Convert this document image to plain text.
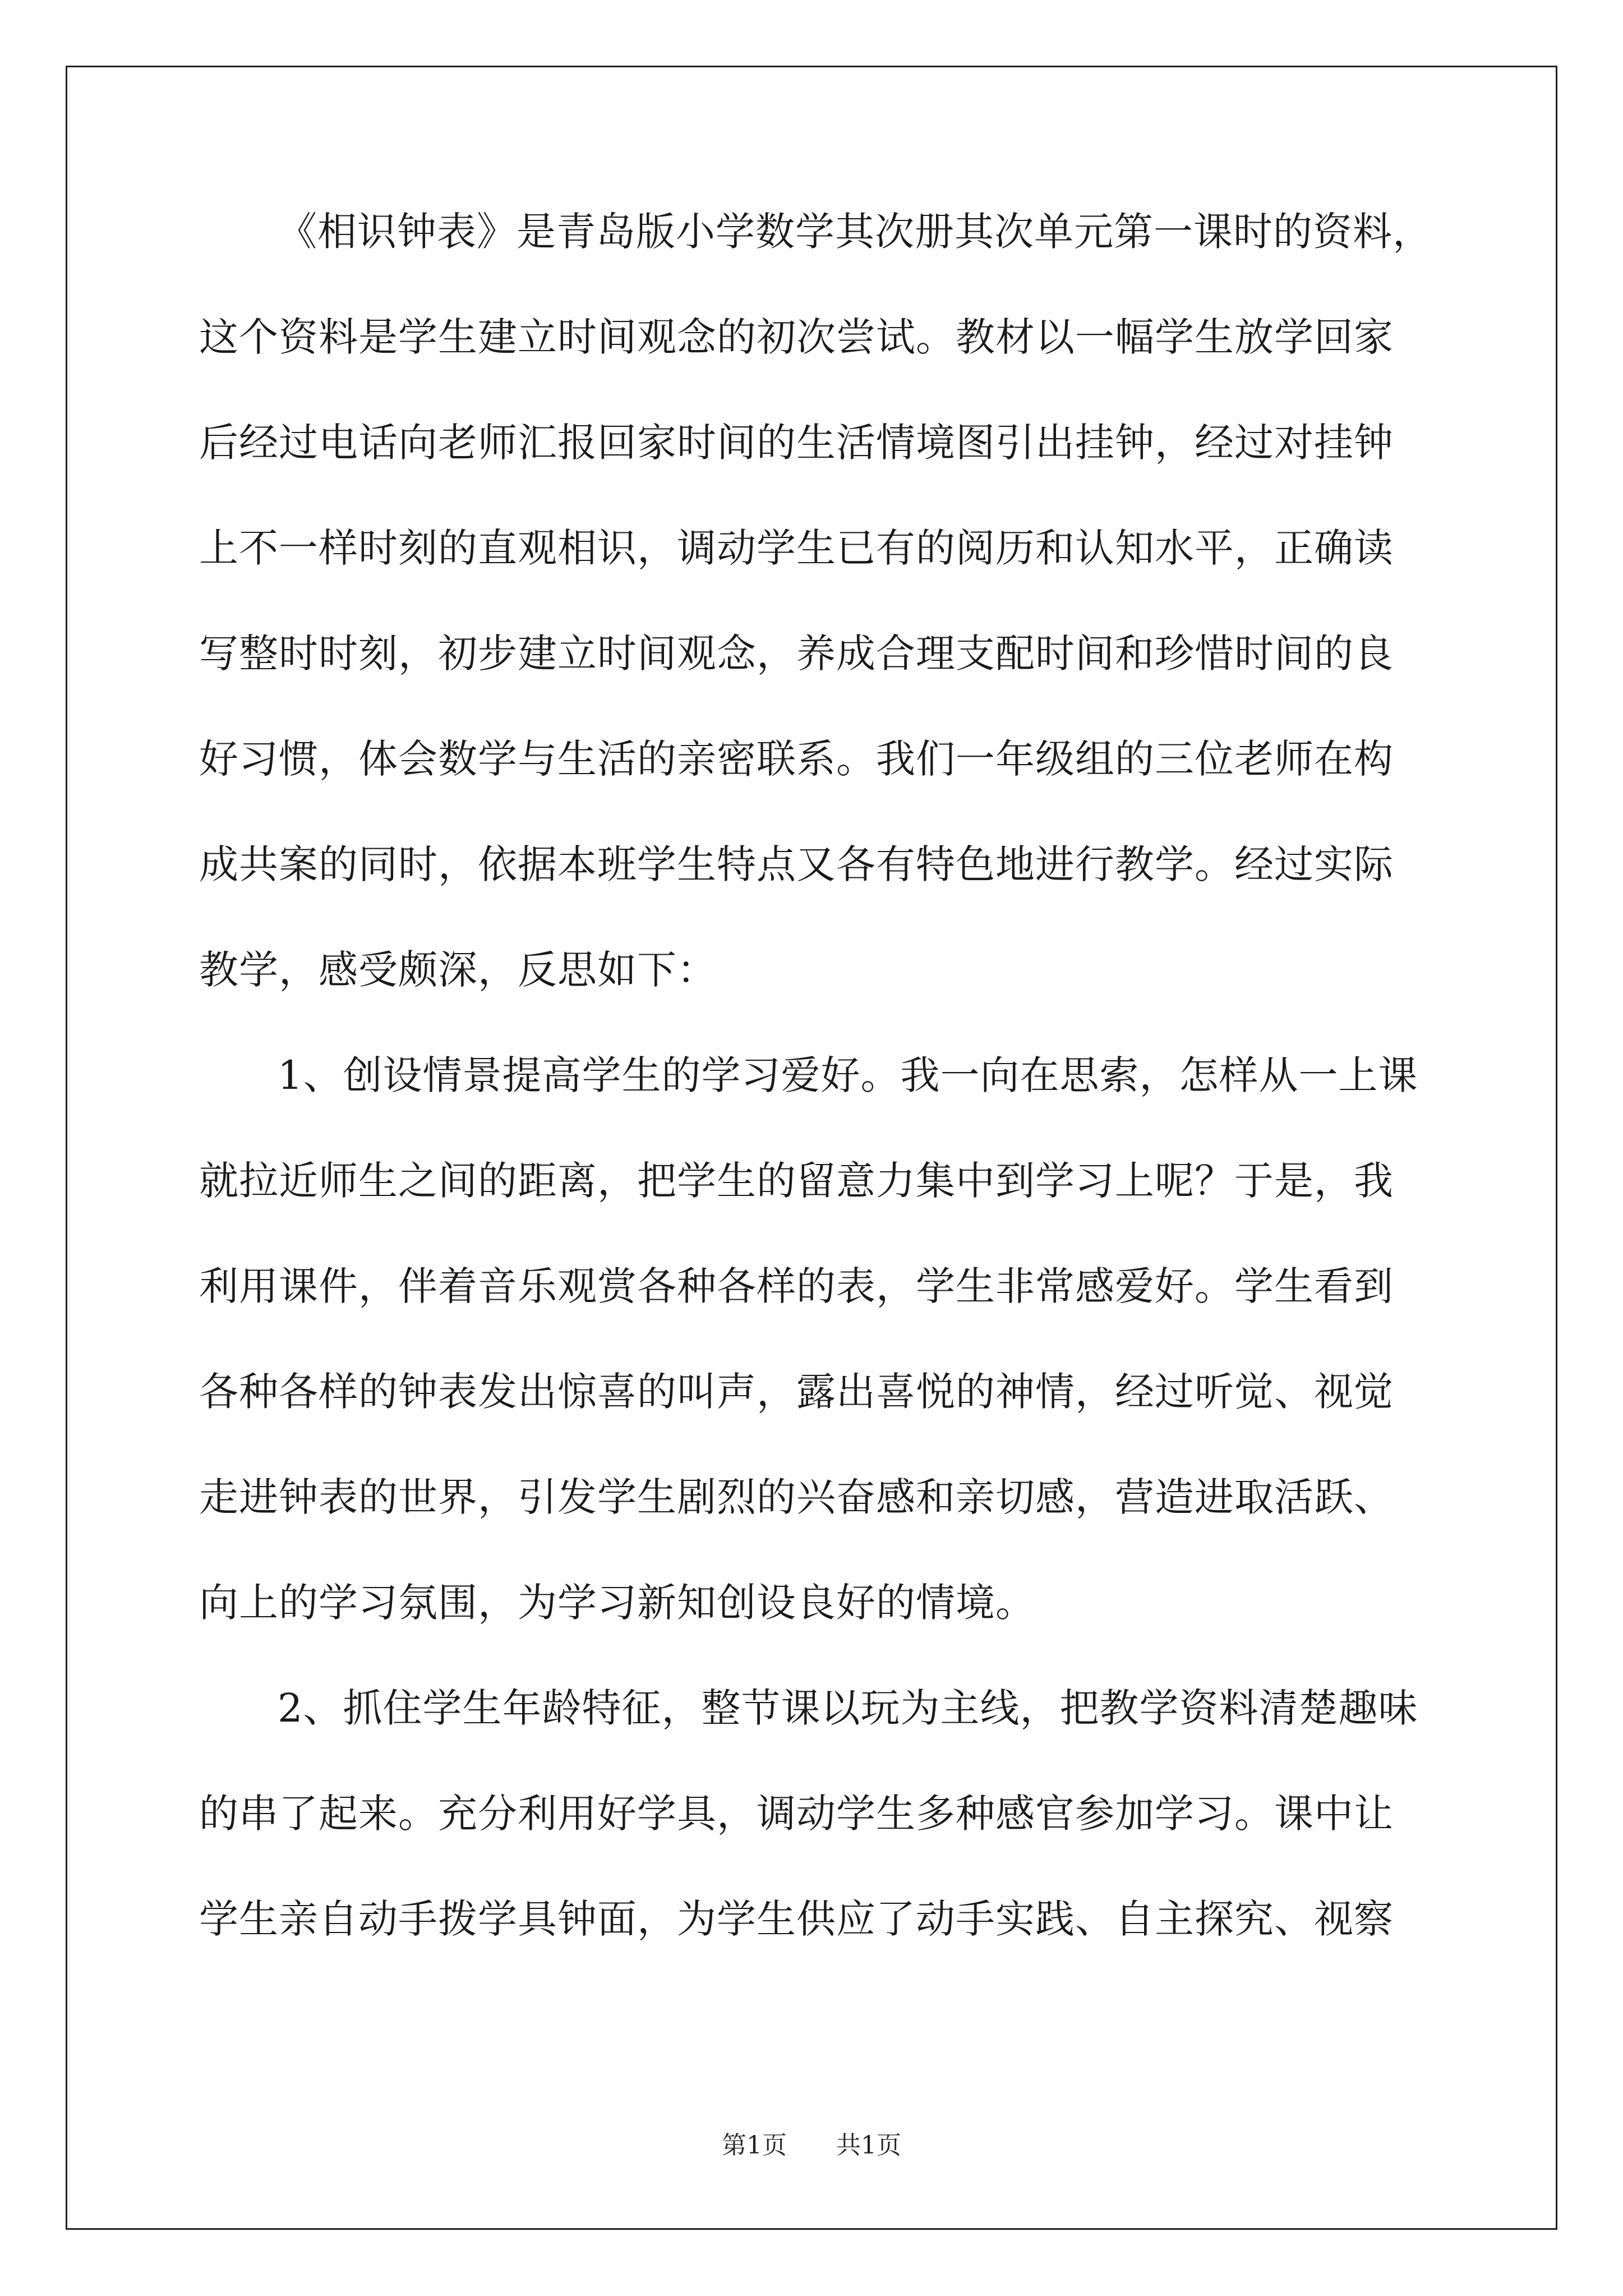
《相识钟表》是青岛版小学数学其次册其次单元第一课时的资料，
这个资料是学生建立时间观念的初次尝试。教材以一幅学生放学回家
后经过电话向老师汇报回家时间的生活情境图引出挂钟，经过对挂钟
上不一样时刻的直观相识，调动学生已有的阅历和认知水平，正确读
写整时时刻，初步建立时间观念，养成合理支配时间和珍惜时间的良
好习惯，体会数学与生活的亲密联系。我们一年级组的三位老师在构
成共案的同时，依据本班学生特点又各有特色地进行教学。经过实际
教学，感受颇深，反思如下：
1、创设情景提高学生的学习爱好。我一向在思索，怎样从一上课
就拉近师生之间的距离，把学生的留意力集中到学习上呢？于是，我
利用课件，伴着音乐观赏各种各样的表，学生非常感爱好。学生看到
各种各样的钟表发出惊喜的叫声，露出喜悦的神情，经过听觉、视觉
走进钟表的世界，引发学生剧烈的兴奋感和亲切感，营造进取活跃、
向上的学习氛围，为学习新知创设良好的情境。
2、抓住学生年龄特征，整节课以玩为主线，把教学资料清楚趣味
的串了起来。充分利用好学具，调动学生多种感官参加学习。课中让
学生亲自动手拨学具钟面，为学生供应了动手实践、自主探究、视察
第1页 共1页
